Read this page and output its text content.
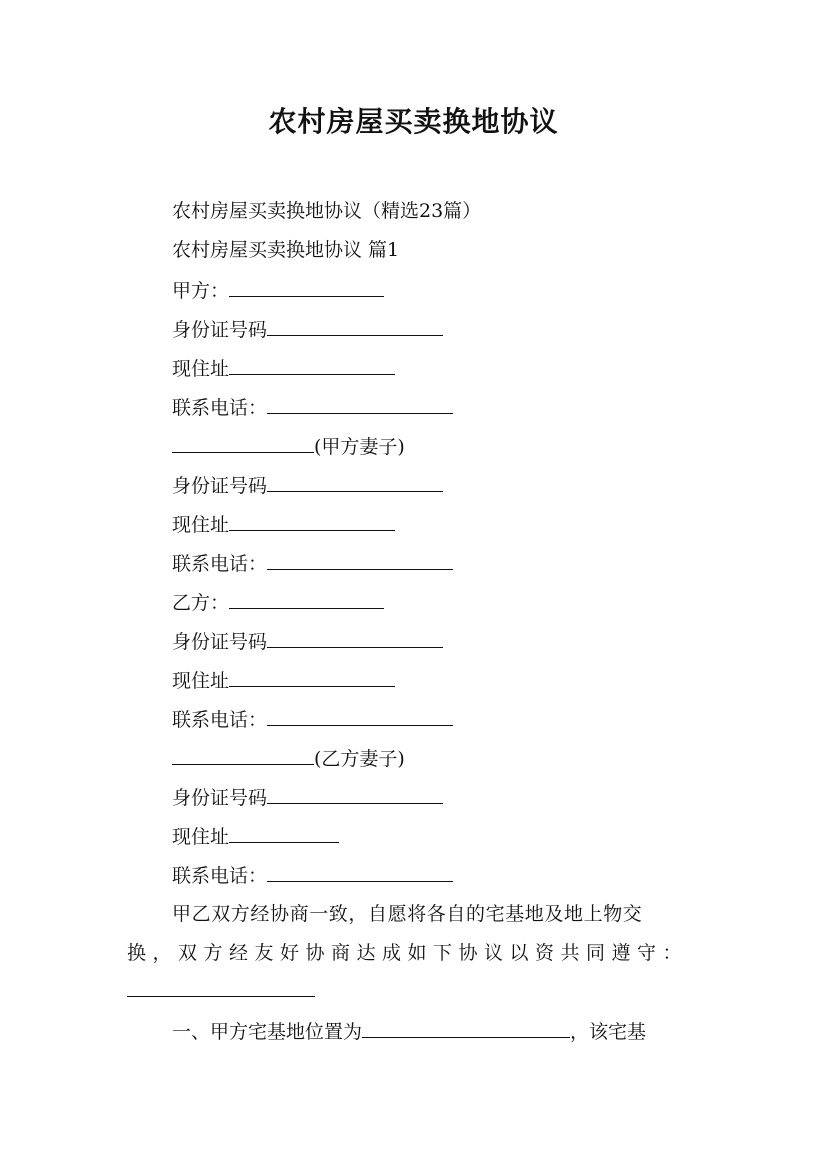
农村房屋买卖换地协议
农村房屋买卖换地协议（精选23篇）
农村房屋买卖换地协议 篇1
甲方：
身份证号码
现住址
联系电话：
(甲方妻子)
身份证号码
现住址
联系电话：
乙方：
身份证号码
现住址
联系电话：
(乙方妻子)
身份证号码
现住址
联系电话：
甲乙双方经协商一致，自愿将各自的宅基地及地上物交
换，双方经友好协商达成如下协议以资共同遵守：
一、甲方宅基地位置为	，该宅基
